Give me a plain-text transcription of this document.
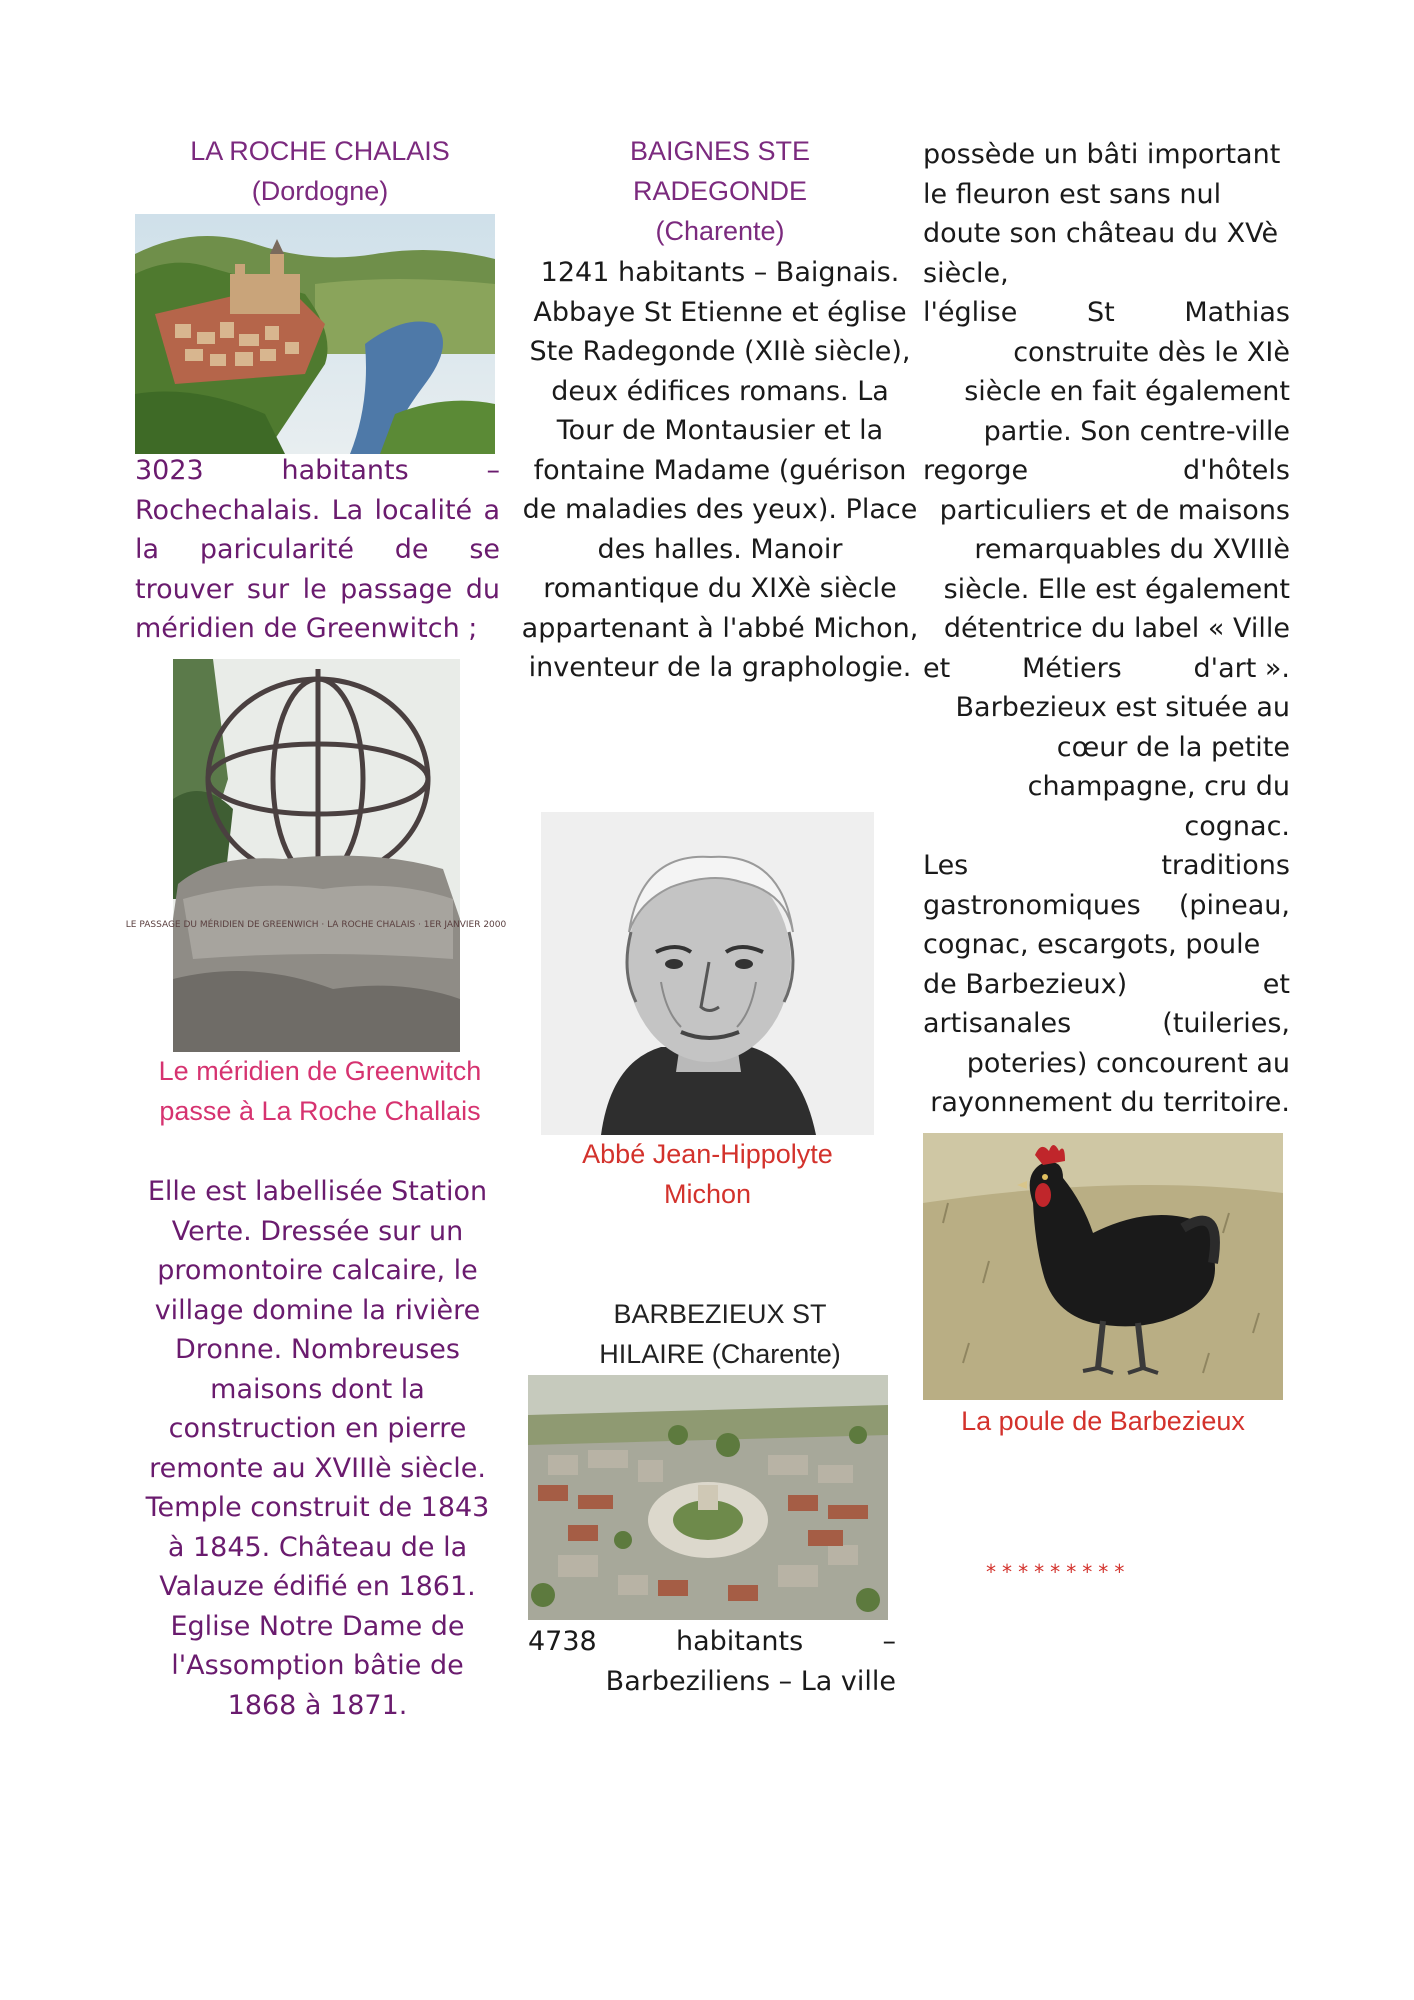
LA ROCHE CHALAIS
(Dordogne)
3023 habitants – Rochechalais. La localité a la paricularité de se trouver sur le passage du méridien de Greenwitch ;
LE PASSAGE DU MÉRIDIEN DE GREENWICH · LA ROCHE CHALAIS · 1ER JANVIER 2000
Le méridien de Greenwitch passe à La Roche Challais
Elle est labellisée Station Verte. Dressée sur un promontoire calcaire, le village domine la rivière Dronne. Nombreuses maisons dont la construction en pierre remonte au XVIIIè siècle. Temple construit de 1843 à 1845. Château de la Valauze édifié en 1861. Eglise Notre Dame de l'Assomption bâtie de 1868 à 1871.
BAIGNES STE
RADEGONDE
(Charente)
1241 habitants – Baignais. Abbaye St Etienne et église Ste Radegonde (XIIè siècle), deux édifices romans. La Tour de Montausier et la fontaine Madame (guérison de maladies des yeux). Place des halles. Manoir romantique du XIXè siècle appartenant à l'abbé Michon, inventeur de la graphologie.
Abbé Jean-Hippolyte Michon
BARBEZIEUX ST
HILAIRE (Charente)
4738	habitants	–
Barbeziliens – La ville
possède un bâti important
le fleuron est sans nul
doute son château du XVè
siècle,
l'église	St	Mathias
construite dès le XIè
siècle en fait également
partie. Son centre-ville
regorge	d'hôtels
particuliers et de maisons
remarquables du XVIIIè
siècle. Elle est également
détentrice du label « Ville
et	Métiers	d'art ».
Barbezieux est située au
cœur de la petite
champagne, cru du cognac.
Les	traditions
gastronomiques (pineau,
cognac, escargots, poule
de Barbezieux)	et
artisanales	(tuileries,
poteries) concourent au
rayonnement du territoire.
La poule de Barbezieux
*********
